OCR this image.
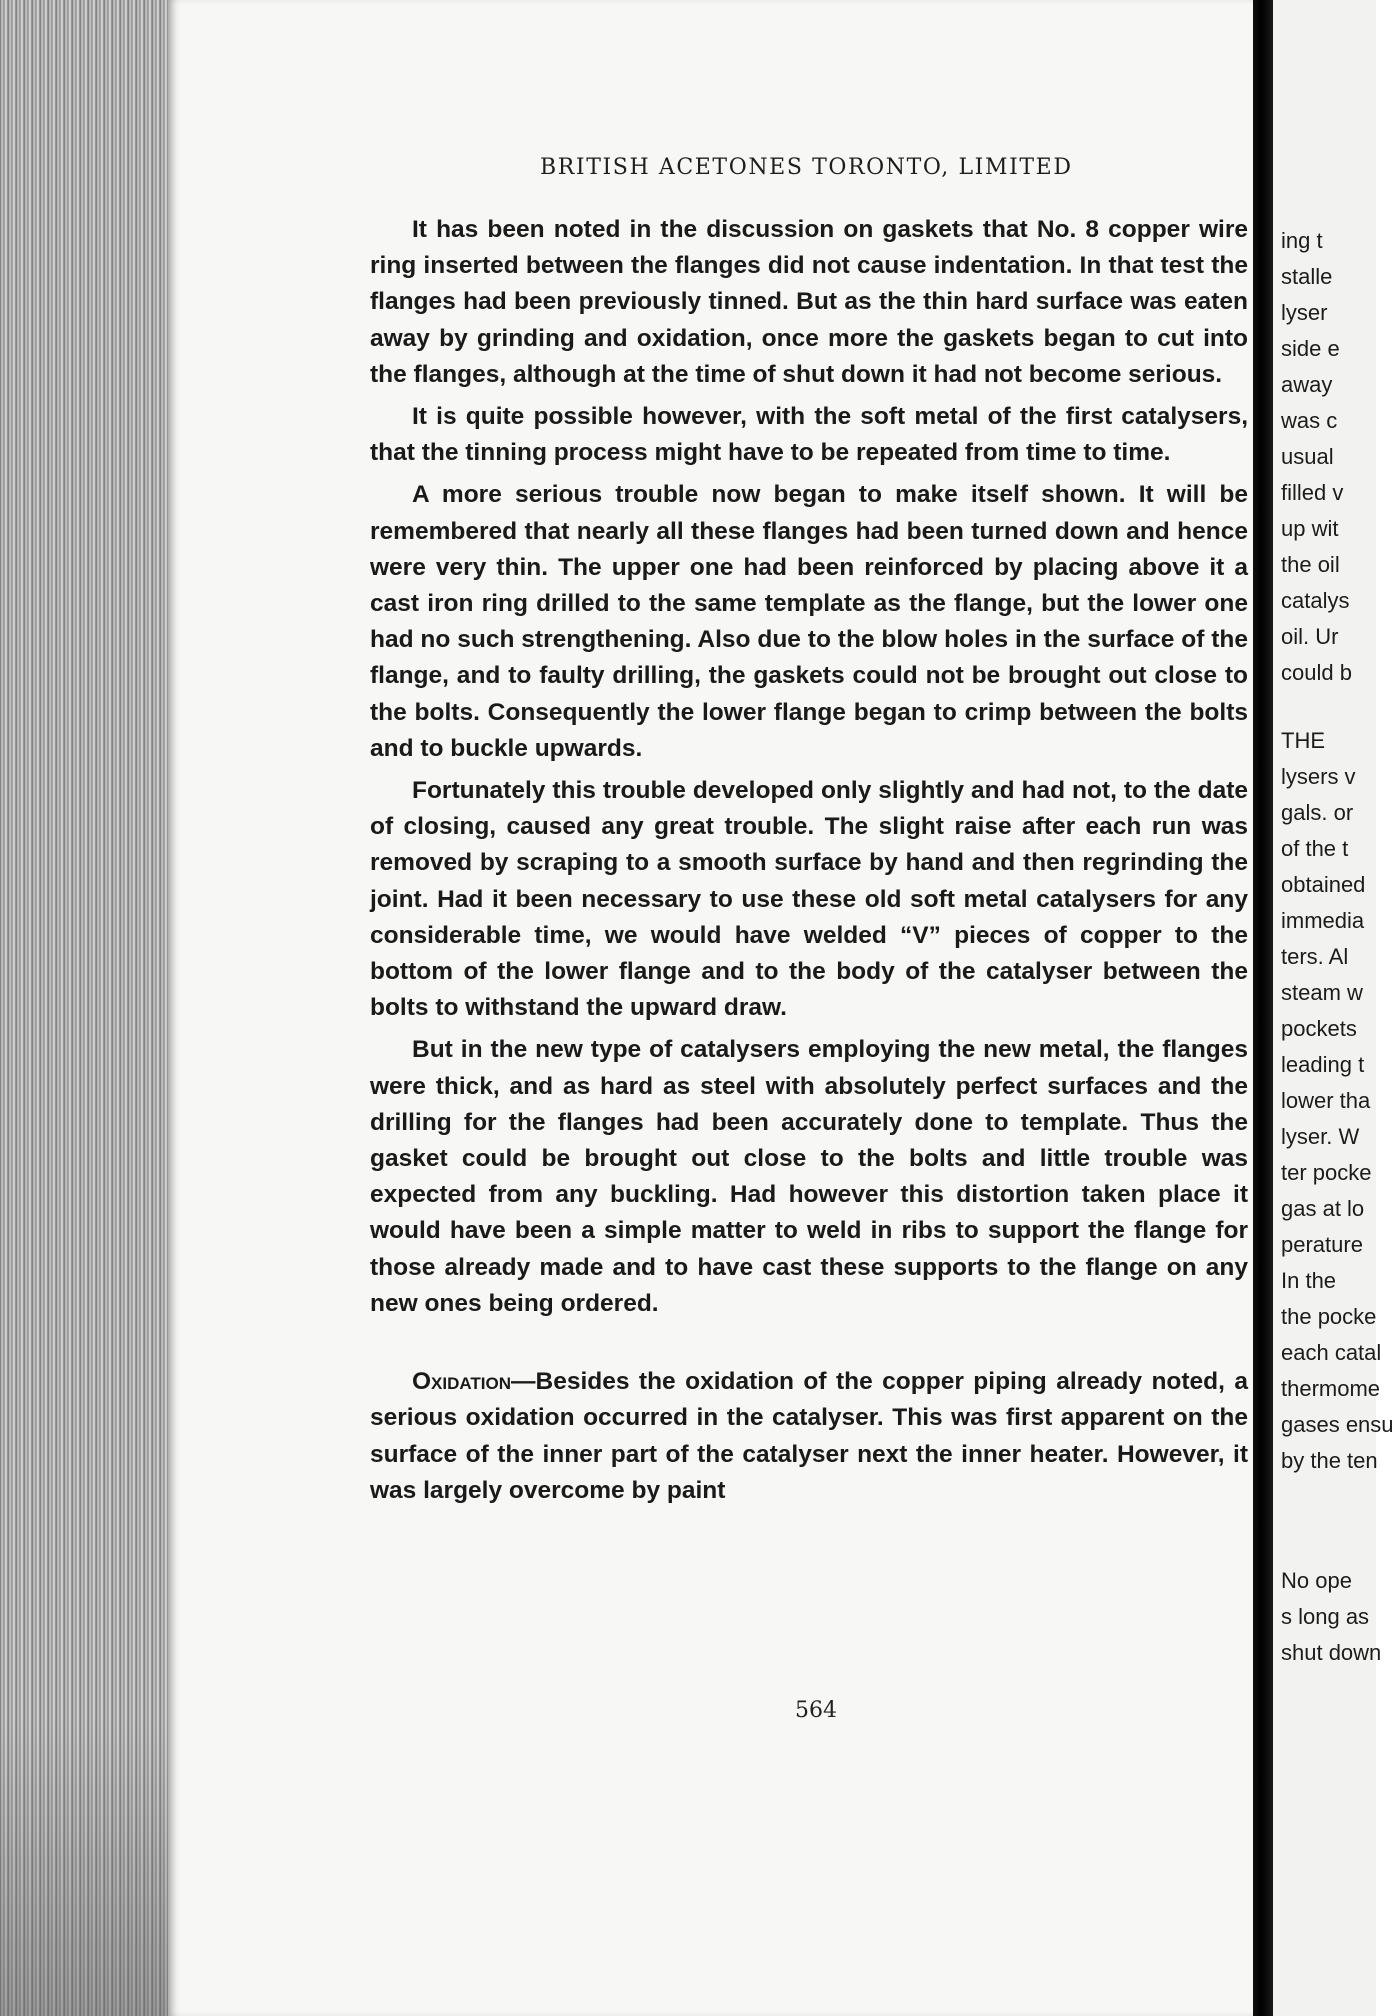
BRITISH ACETONES TORONTO, LIMITED

It has been noted in the discussion on gaskets that No. 8 copper wire ring inserted between the flanges did not cause indentation. In that test the flanges had been previously tinned. But as the thin hard surface was eaten away by grinding and oxidation, once more the gaskets began to cut into the flanges, although at the time of shut down it had not become serious.

It is quite possible however, with the soft metal of the first catalysers, that the tinning process might have to be repeated from time to time.

A more serious trouble now began to make itself shown. It will be remembered that nearly all these flanges had been turned down and hence were very thin. The upper one had been reinforced by placing above it a cast iron ring drilled to the same template as the flange, but the lower one had no such strengthening. Also due to the blow holes in the surface of the flange, and to faulty drilling, the gaskets could not be brought out close to the bolts. Consequently the lower flange began to crimp between the bolts and to buckle upwards.

Fortunately this trouble developed only slightly and had not, to the date of closing, caused any great trouble. The slight raise after each run was removed by scraping to a smooth surface by hand and then regrinding the joint. Had it been necessary to use these old soft metal catalysers for any considerable time, we would have welded “V” pieces of copper to the bottom of the lower flange and to the body of the catalyser between the bolts to withstand the upward draw.

But in the new type of catalysers employing the new metal, the flanges were thick, and as hard as steel with absolutely perfect surfaces and the drilling for the flanges had been accurately done to template. Thus the gasket could be brought out close to the bolts and little trouble was expected from any buckling. Had however this distortion taken place it would have been a simple matter to weld in ribs to support the flange for those already made and to have cast these supports to the flange on any new ones being ordered.

Oxidation—Besides the oxidation of the copper piping already noted, a serious oxidation occurred in the catalyser. This was first apparent on the surface of the inner part of the catalyser next the inner heater. However, it was largely overcome by paint

564
ing t
stalle
lyser
side e
away
was c
usual
filled v
up wit
the oil
catalys
oil. Ur
could b
THE
lysers v
gals. or
of the t
obtained
immedia
ters. Al
steam w
pockets
leading t
lower tha
lyser. W
ter pocke
gas at lo
perature
In the
the pocke
each catal
thermome
gases ensu
by the ten
No ope
s long as
shut down
